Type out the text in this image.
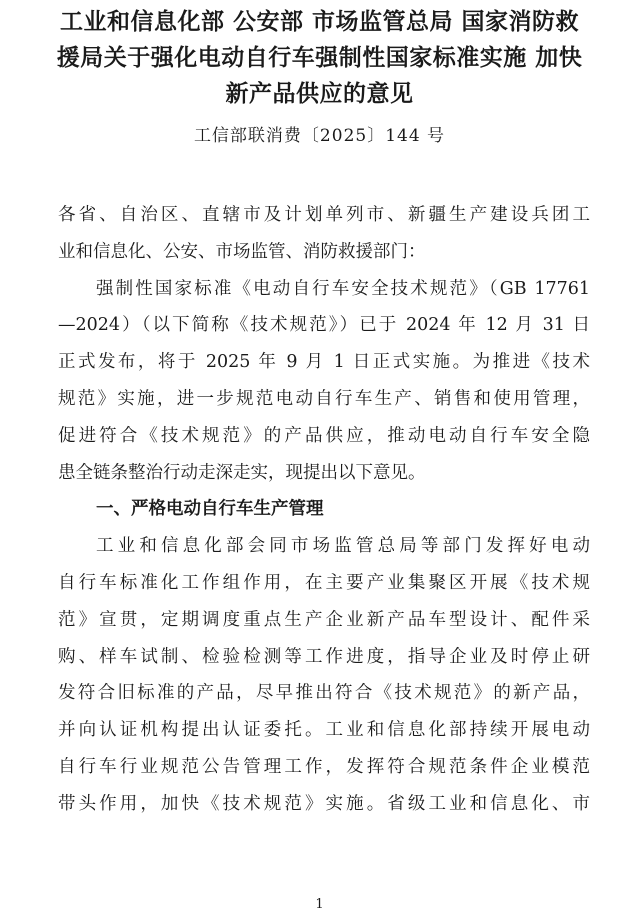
工业和信息化部 公安部 市场监管总局 国家消防救
援局关于强化电动自行车强制性国家标准实施 加快
新产品供应的意见
工信部联消费〔2025〕144 号
各省、自治区、直辖市及计划单列市、新疆生产建设兵团工
业和信息化、公安、市场监管、消防救援部门：
强制性国家标准《电动自行车安全技术规范》（GB 17761
—2024）（以下简称《技术规范》）已于 2024 年 12 月 31 日
正式发布，将于 2025 年 9 月 1 日正式实施。为推进《技术
规范》实施，进一步规范电动自行车生产、销售和使用管理，
促进符合《技术规范》的产品供应，推动电动自行车安全隐
患全链条整治行动走深走实，现提出以下意见。
一、严格电动自行车生产管理
工业和信息化部会同市场监管总局等部门发挥好电动
自行车标准化工作组作用，在主要产业集聚区开展《技术规
范》宣贯，定期调度重点生产企业新产品车型设计、配件采
购、样车试制、检验检测等工作进度，指导企业及时停止研
发符合旧标准的产品，尽早推出符合《技术规范》的新产品，
并向认证机构提出认证委托。工业和信息化部持续开展电动
自行车行业规范公告管理工作，发挥符合规范条件企业模范
带头作用，加快《技术规范》实施。省级工业和信息化、市
1
